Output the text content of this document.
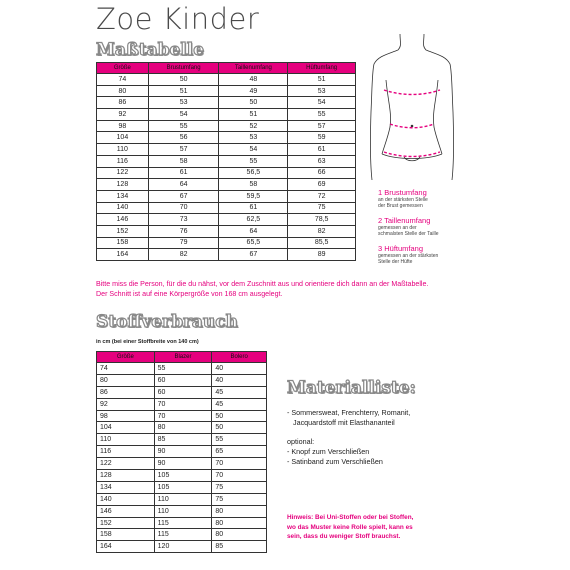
Zoe Kinder
Maßtabelle
Größe	Brustumfang	Taillenumfang	Hüftumfang
74	50	48	51
80	51	49	53
86	53	50	54
92	54	51	55
98	55	52	57
104	56	53	59
110	57	54	61
116	58	55	63
122	61	56,5	66
128	64	58	69
134	67	59,5	72
140	70	61	75
146	73	62,5	78,5
152	76	64	82
158	79	65,5	85,5
164	82	67	89
1 Brustumfang
an der stärksten Stelle
der Brust gemessen
2 Taillenumfang
gemessen an der
schmalsten Stelle der Taille
3 Hüftumfang
gemessen an der stärksten
Stelle der Hüfte
Bitte miss die Person, für die du nähst, vor dem Zuschnitt aus und orientiere dich dann an der Maßtabelle.
Der Schnitt ist auf eine Körpergröße von 168 cm ausgelegt.
Stoffverbrauch
in cm (bei einer Stoffbreite von 140 cm)
Größe	Blazer	Bolero
74	55	40
80	60	40
86	60	45
92	70	45
98	70	50
104	80	50
110	85	55
116	90	65
122	90	70
128	105	70
134	105	75
140	110	75
146	110	80
152	115	80
158	115	80
164	120	85
Materialliste:
- Sommersweat, Frenchterry, Romanit,
Jacquardstoff mit Elasthananteil
optional:
- Knopf zum Verschließen
- Satinband zum Verschließen
Hinweis: Bei Uni-Stoffen oder bei Stoffen,
wo das Muster keine Rolle spielt, kann es
sein, dass du weniger Stoff brauchst.
